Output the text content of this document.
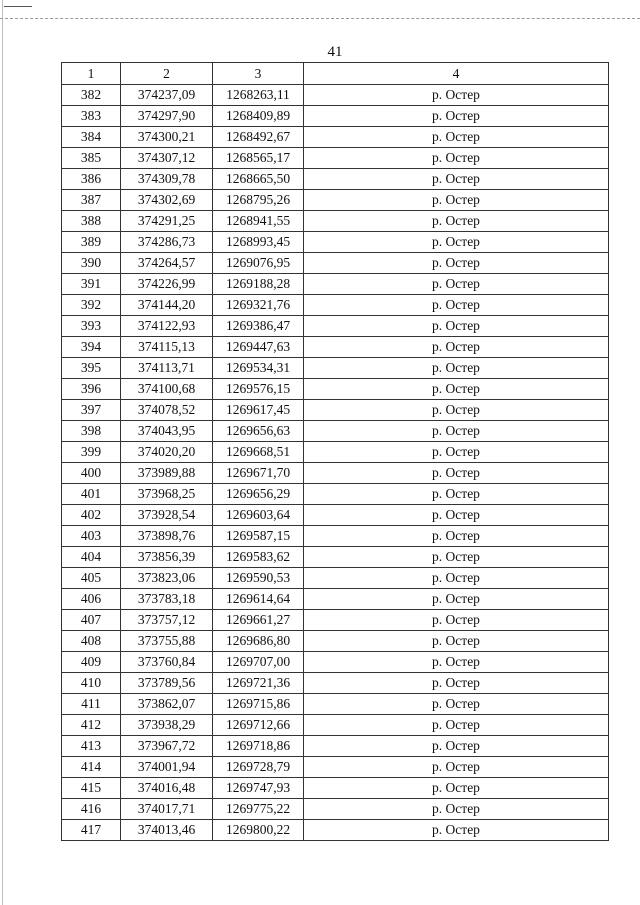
41
1	2	3	4
382	374237,09	1268263,11	р. Остер
383	374297,90	1268409,89	р. Остер
384	374300,21	1268492,67	р. Остер
385	374307,12	1268565,17	р. Остер
386	374309,78	1268665,50	р. Остер
387	374302,69	1268795,26	р. Остер
388	374291,25	1268941,55	р. Остер
389	374286,73	1268993,45	р. Остер
390	374264,57	1269076,95	р. Остер
391	374226,99	1269188,28	р. Остер
392	374144,20	1269321,76	р. Остер
393	374122,93	1269386,47	р. Остер
394	374115,13	1269447,63	р. Остер
395	374113,71	1269534,31	р. Остер
396	374100,68	1269576,15	р. Остер
397	374078,52	1269617,45	р. Остер
398	374043,95	1269656,63	р. Остер
399	374020,20	1269668,51	р. Остер
400	373989,88	1269671,70	р. Остер
401	373968,25	1269656,29	р. Остер
402	373928,54	1269603,64	р. Остер
403	373898,76	1269587,15	р. Остер
404	373856,39	1269583,62	р. Остер
405	373823,06	1269590,53	р. Остер
406	373783,18	1269614,64	р. Остер
407	373757,12	1269661,27	р. Остер
408	373755,88	1269686,80	р. Остер
409	373760,84	1269707,00	р. Остер
410	373789,56	1269721,36	р. Остер
411	373862,07	1269715,86	р. Остер
412	373938,29	1269712,66	р. Остер
413	373967,72	1269718,86	р. Остер
414	374001,94	1269728,79	р. Остер
415	374016,48	1269747,93	р. Остер
416	374017,71	1269775,22	р. Остер
417	374013,46	1269800,22	р. Остер
